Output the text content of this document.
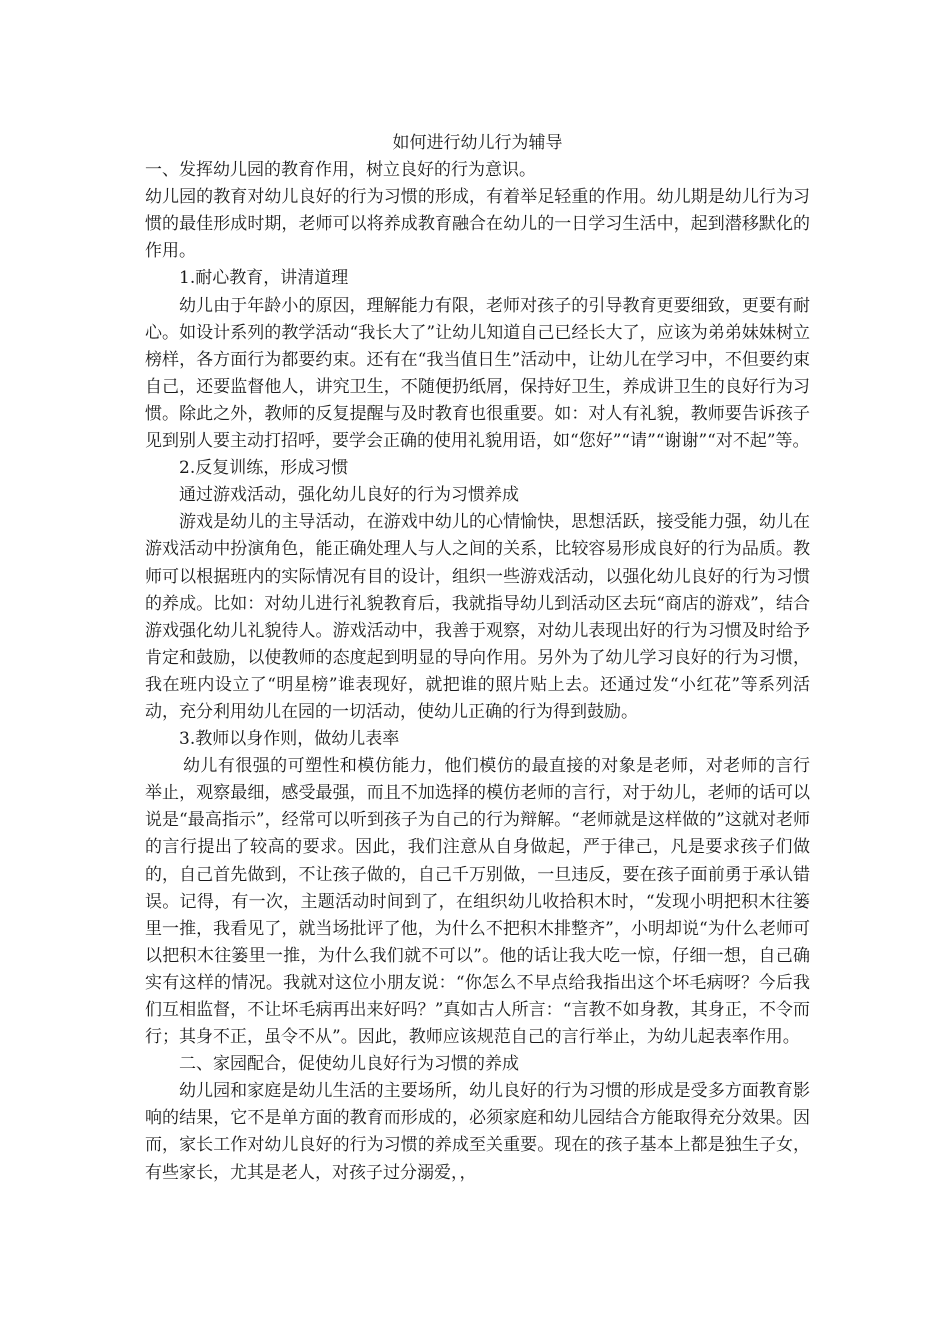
如何进行幼儿行为辅导

一、发挥幼儿园的教育作用，树立良好的行为意识。

幼儿园的教育对幼儿良好的行为习惯的形成，有着举足轻重的作用。幼儿期是幼儿行为习惯的最佳形成时期，老师可以将养成教育融合在幼儿的一日学习生活中，起到潜移默化的作用。

1.耐心教育，讲清道理

幼儿由于年龄小的原因，理解能力有限，老师对孩子的引导教育更要细致，更要有耐心。如设计系列的教学活动“我长大了”让幼儿知道自己已经长大了，应该为弟弟妹妹树立榜样，各方面行为都要约束。还有在“我当值日生”活动中，让幼儿在学习中，不但要约束自己，还要监督他人，讲究卫生，不随便扔纸屑，保持好卫生，养成讲卫生的良好行为习惯。除此之外，教师的反复提醒与及时教育也很重要。如：对人有礼貌，教师要告诉孩子见到别人要主动打招呼，要学会正确的使用礼貌用语，如“您好”“请”“谢谢”“对不起”等。

2.反复训练，形成习惯

通过游戏活动，强化幼儿良好的行为习惯养成

游戏是幼儿的主导活动，在游戏中幼儿的心情愉快，思想活跃，接受能力强，幼儿在游戏活动中扮演角色，能正确处理人与人之间的关系，比较容易形成良好的行为品质。教师可以根据班内的实际情况有目的设计，组织一些游戏活动，以强化幼儿良好的行为习惯的养成。比如：对幼儿进行礼貌教育后，我就指导幼儿到活动区去玩“商店的游戏”，结合游戏强化幼儿礼貌待人。游戏活动中，我善于观察，对幼儿表现出好的行为习惯及时给予肯定和鼓励，以使教师的态度起到明显的导向作用。另外为了幼儿学习良好的行为习惯，我在班内设立了“明星榜”谁表现好，就把谁的照片贴上去。还通过发“小红花”等系列活动，充分利用幼儿在园的一切活动，使幼儿正确的行为得到鼓励。

3.教师以身作则，做幼儿表率

幼儿有很强的可塑性和模仿能力，他们模仿的最直接的对象是老师，对老师的言行举止，观察最细，感受最强，而且不加选择的模仿老师的言行，对于幼儿，老师的话可以说是“最高指示”，经常可以听到孩子为自己的行为辩解。“老师就是这样做的”这就对老师的言行提出了较高的要求。因此，我们注意从自身做起，严于律己，凡是要求孩子们做的，自己首先做到，不让孩子做的，自己千万别做，一旦违反，要在孩子面前勇于承认错误。记得，有一次，主题活动时间到了，在组织幼儿收拾积木时，“发现小明把积木往篓里一推，我看见了，就当场批评了他，为什么不把积木排整齐”，小明却说“为什么老师可以把积木往篓里一推，为什么我们就不可以”。他的话让我大吃一惊，仔细一想，自己确实有这样的情况。我就对这位小朋友说：“你怎么不早点给我指出这个坏毛病呀？今后我们互相监督，不让坏毛病再出来好吗？”真如古人所言：“言教不如身教，其身正，不令而行；其身不正，虽令不从”。因此，教师应该规范自己的言行举止，为幼儿起表率作用。

二、家园配合，促使幼儿良好行为习惯的养成

幼儿园和家庭是幼儿生活的主要场所，幼儿良好的行为习惯的形成是受多方面教育影响的结果，它不是单方面的教育而形成的，必须家庭和幼儿园结合方能取得充分效果。因而，家长工作对幼儿良好的行为习惯的养成至关重要。现在的孩子基本上都是独生子女，有些家长，尤其是老人，对孩子过分溺爱，，
